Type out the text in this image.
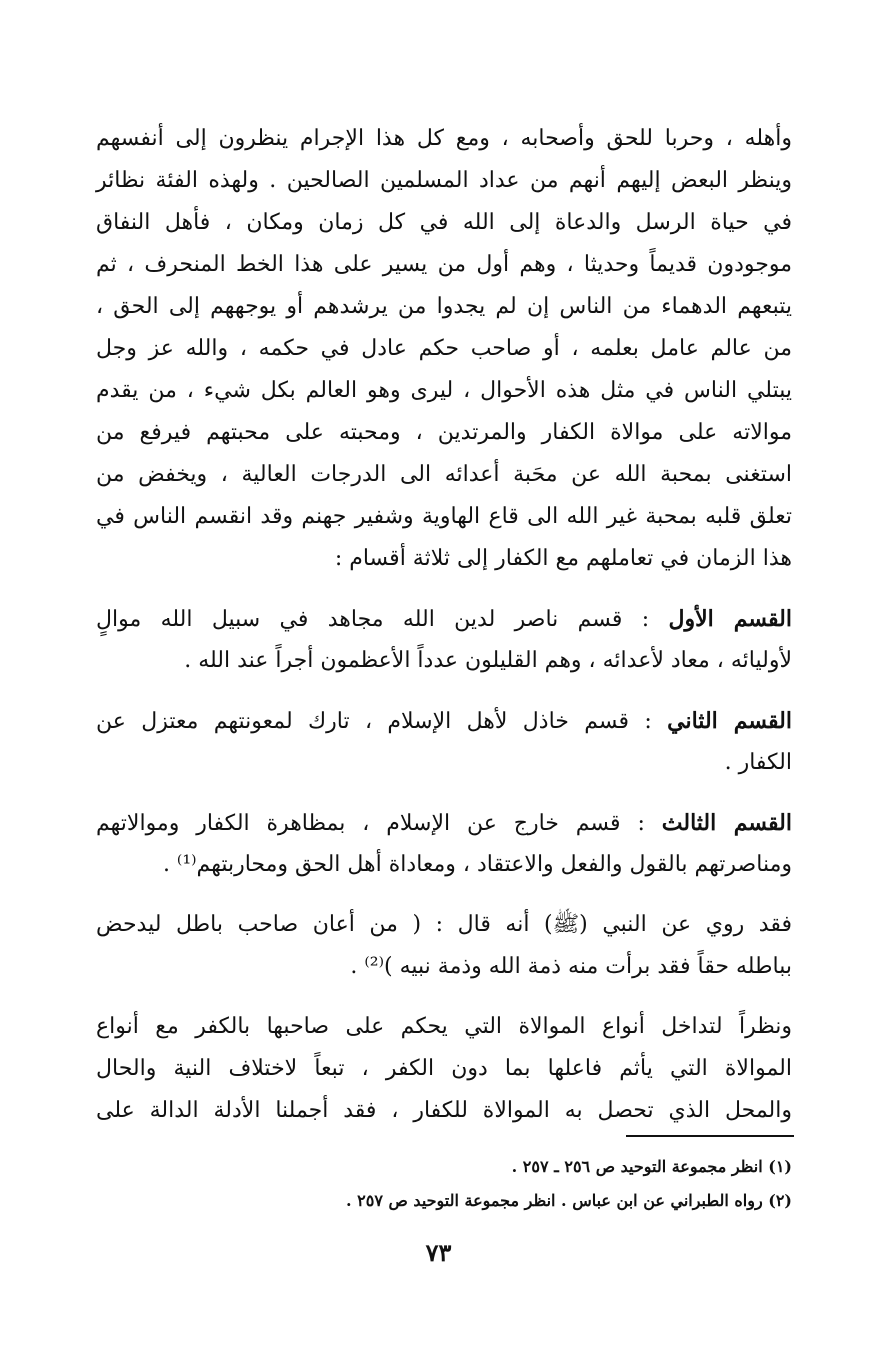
وأهله ، وحربا للحق وأصحابه ، ومع كل هذا الإجرام ينظرون إلى أنفسهم
وينظر البعض إليهم أنهم من عداد المسلمين الصالحين . ولهذه الفئة نظائر
في حياة الرسل والدعاة إلى الله في كل زمان ومكان ، فأهل النفاق
موجودون قديماً وحديثا ، وهم أول من يسير على هذا الخط المنحرف ، ثم
يتبعهم الدهماء من الناس إن لم يجدوا من يرشدهم أو يوجههم إلى الحق ،
من عالم عامل بعلمه ، أو صاحب حكم عادل في حكمه ، والله عز وجل
يبتلي الناس في مثل هذه الأحوال ، ليرى وهو العالم بكل شيء ، من يقدم
موالاته على موالاة الكفار والمرتدين ، ومحبته على محبتهم فيرفع من
استغنى بمحبة الله عن محَبة أعدائه الى الدرجات العالية ، ويخفض من
تعلق قلبه بمحبة غير الله الى قاع الهاوية وشفير جهنم وقد انقسم الناس في
هذا الزمان في تعاملهم مع الكفار إلى ثلاثة أقسام :
القسم الأول : قسم ناصر لدين الله مجاهد في سبيل الله موالٍ
لأوليائه ، معاد لأعدائه ، وهم القليلون عدداً الأعظمون أجراً عند الله .
القسم الثاني : قسم خاذل لأهل الإسلام ، تارك لمعونتهم معتزل عن
الكفار .
القسم الثالث : قسم خارج عن الإسلام ، بمظاهرة الكفار وموالاتهم
ومناصرتهم بالقول والفعل والاعتقاد ، ومعاداة أهل الحق ومحاربتهم⁽¹⁾ .
فقد روي عن النبي (ﷺ) أنه قال : ( من أعان صاحب باطل ليدحض
بباطله حقاً فقد برأت منه ذمة الله وذمة نبيه )⁽²⁾ .
ونظراً لتداخل أنواع الموالاة التي يحكم على صاحبها بالكفر مع أنواع
الموالاة التي يأثم فاعلها بما دون الكفر ، تبعاً لاختلاف النية والحال
والمحل الذي تحصل به الموالاة للكفار ، فقد أجملنا الأدلة الدالة على
(١) انظر مجموعة التوحيد ص ٢٥٦ ـ ٢٥٧ .
(٢) رواه الطبراني عن ابن عباس . انظر مجموعة التوحيد ص ٢٥٧ .
٧٣
